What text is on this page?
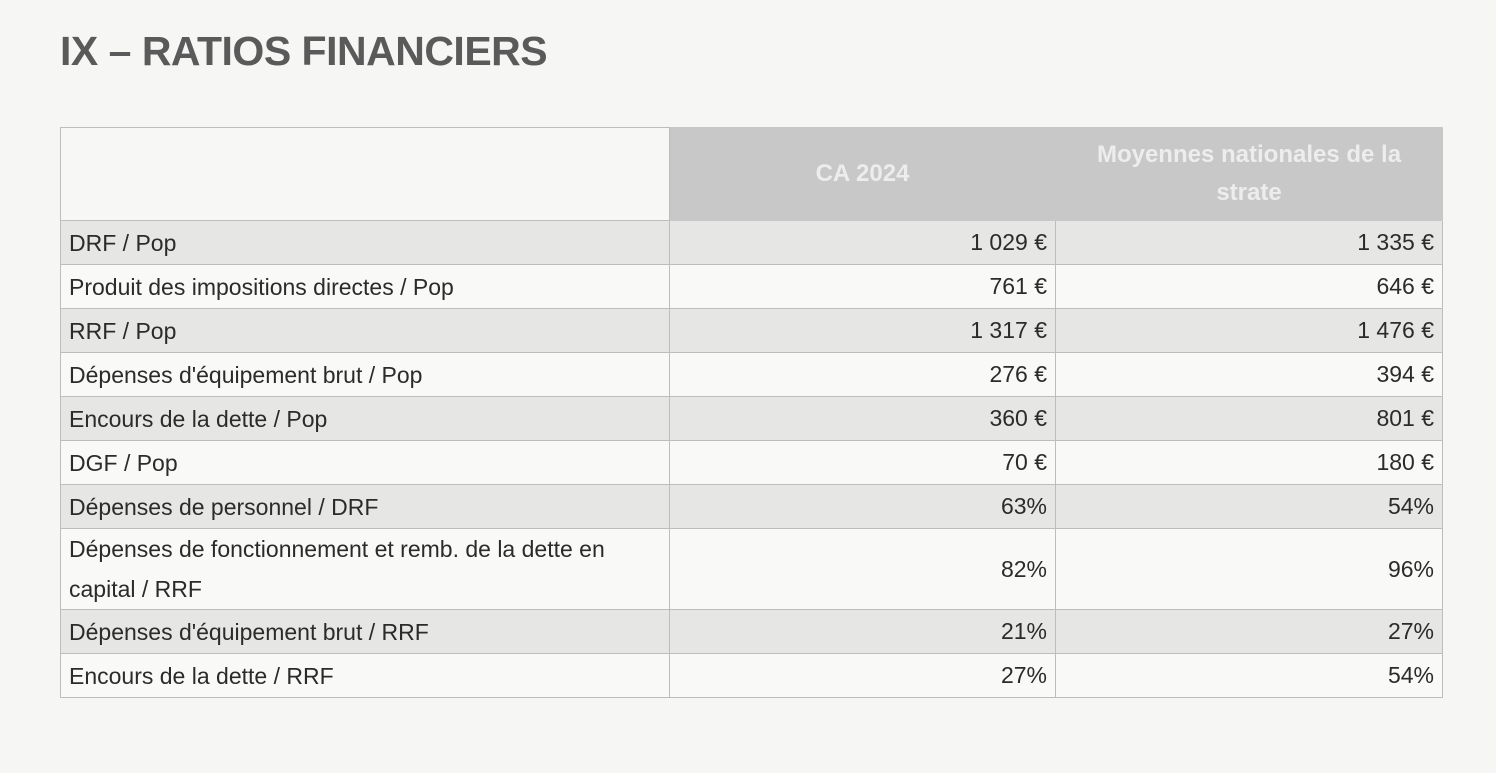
IX – RATIOS FINANCIERS
	CA 2024	Moyennes nationales de la strate
DRF / Pop	1 029 €	1 335 €
Produit des impositions directes / Pop	761 €	646 €
RRF / Pop	1 317 €	1 476 €
Dépenses d'équipement brut / Pop	276 €	394 €
Encours de la dette / Pop	360 €	801 €
DGF / Pop	70 €	180 €
Dépenses de personnel / DRF	63%	54%
Dépenses de fonctionnement et remb. de la dette en capital / RRF	82%	96%
Dépenses d'équipement brut / RRF	21%	27%
Encours de la dette / RRF	27%	54%
